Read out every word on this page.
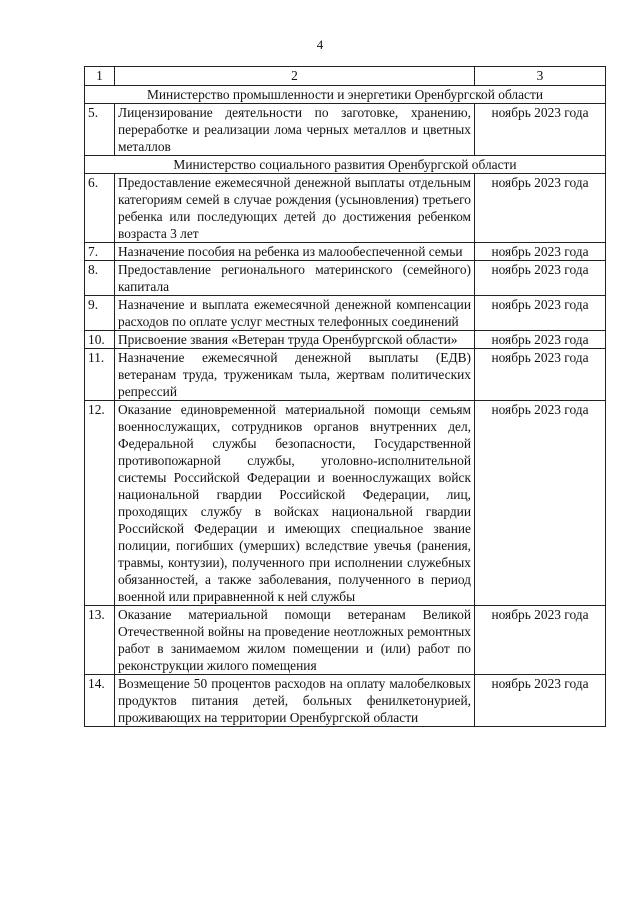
4
1	2	3
Министерство промышленности и энергетики Оренбургской области		
5.	Лицензирование деятельности по заготовке, хранению, переработке и реализации лома черных металлов и цветных металлов	ноябрь 2023 года
Министерство социального развития Оренбургской области		
6.	Предоставление ежемесячной денежной выплаты отдельным категориям семей в случае рождения (усыновления) третьего ребенка или последующих детей до достижения ребенком возраста 3 лет	ноябрь 2023 года
7.	Назначение пособия на ребенка из малообеспеченной семьи	ноябрь 2023 года
8.	Предоставление регионального материнского (семейного) капитала	ноябрь 2023 года
9.	Назначение и выплата ежемесячной денежной компенсации расходов по оплате услуг местных телефонных соединений	ноябрь 2023 года
10.	Присвоение звания «Ветеран труда Оренбургской области»	ноябрь 2023 года
11.	Назначение ежемесячной денежной выплаты (ЕДВ) ветеранам труда, труженикам тыла, жертвам политических репрессий	ноябрь 2023 года
12.	Оказание единовременной материальной помощи семьям военнослужащих, сотрудников органов внутренних дел, Федеральной службы безопасности, Государственной противопожарной службы, уголовно-исполнительной системы Российской Федерации и военнослужащих войск национальной гвардии Российской Федерации, лиц, проходящих службу в войсках национальной гвардии Российской Федерации и имеющих специальное звание полиции, погибших (умерших) вследствие увечья (ранения, травмы, контузии), полученного при исполнении служебных обязанностей, а также заболевания, полученного в период военной или приравненной к ней службы	ноябрь 2023 года
13.	Оказание материальной помощи ветеранам Великой Отечественной войны на проведение неотложных ремонтных работ в занимаемом жилом помещении и (или) работ по реконструкции жилого помещения	ноябрь 2023 года
14.	Возмещение 50 процентов расходов на оплату малобелковых продуктов питания детей, больных фенилкетонурией, проживающих на территории Оренбургской области	ноябрь 2023 года
